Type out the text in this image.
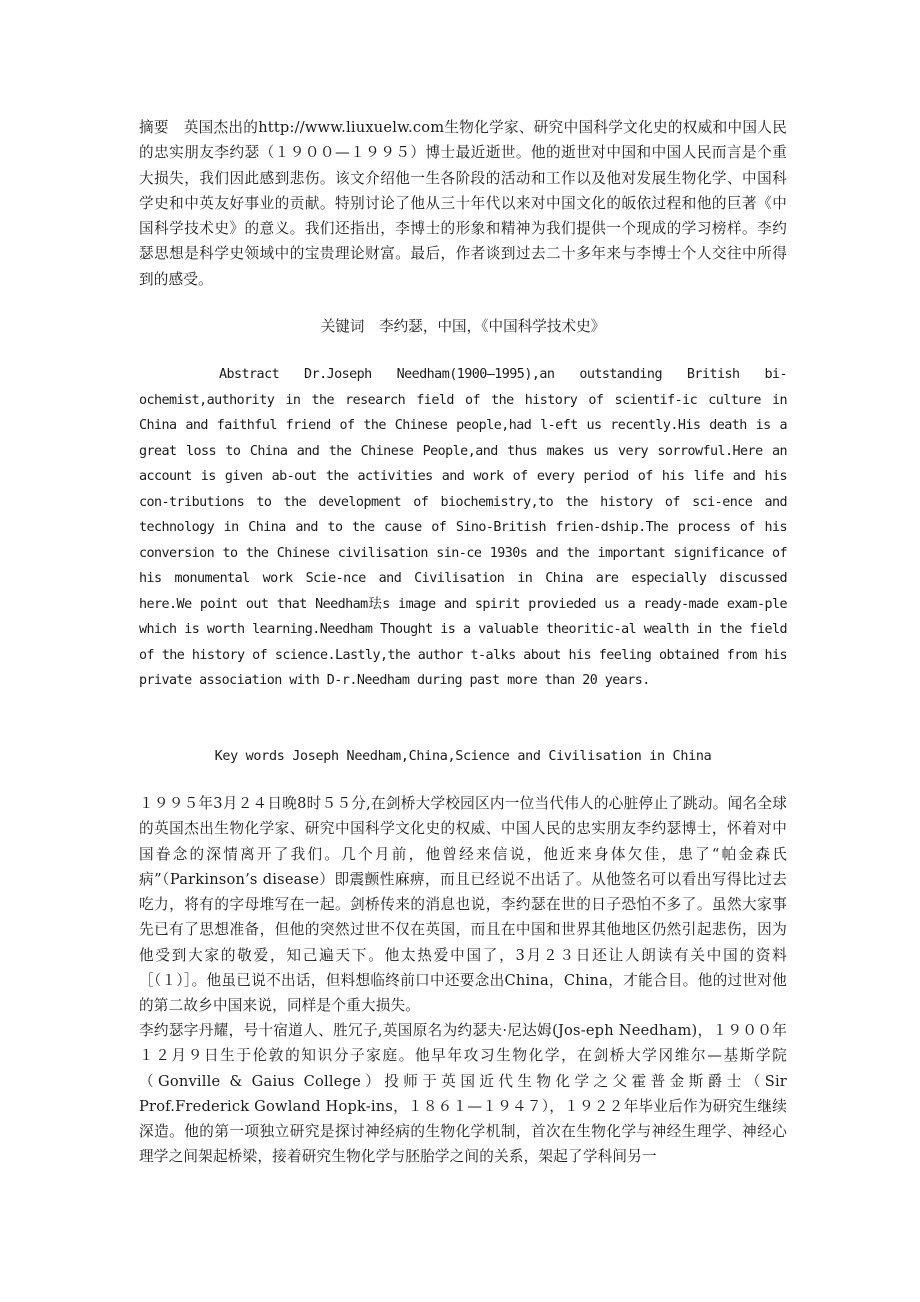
摘要　英国杰出的http://www.liuxuelw.com生物化学家、研究中国科学文化史的权威和中国人民的忠实朋友李约瑟（１９００—１９９５）博士最近逝世。他的逝世对中国和中国人民而言是个重大损失，我们因此感到悲伤。该文介绍他一生各阶段的活动和工作以及他对发展生物化学、中国科学史和中英友好事业的贡献。特别讨论了他从三十年代以来对中国文化的皈依过程和他的巨著《中国科学技术史》的意义。我们还指出，李博士的形象和精神为我们提供一个现成的学习榜样。李约瑟思想是科学史领域中的宝贵理论财富。最后，作者谈到过去二十多年来与李博士个人交往中所得到的感受。

关键词　李约瑟，中国，《中国科学技术史》

Abstract Dr.Joseph Needham(1900—1995),an outstanding British bi-ochemist,authority in the research field of the history of scientif-ic culture in China and faithful friend of the Chinese people,had l-eft us recently.His death is a great loss to China and the Chinese People,and thus makes us very sorrowful.Here an account is given ab-out the activities and work of every period of his life and his con-tributions to the development of biochemistry,to the history of sci-ence and technology in China and to the cause of Sino-British frien-dship.The process of his conversion to the Chinese civilisation sin-ce 1930s and the important significance of his monumental work Scie-nce and Civilisation in China are especially discussed here.We point out that Needham珐s image and spirit provieded us a ready-made exam-ple which is worth learning.Needham Thought is a valuable theoritic-al wealth in the field of the history of science.Lastly,the author t-alks about his feeling obtained from his private association with D-r.Needham during past more than 20 years.

Key words Joseph Needham,China,Science and Civilisation in China

１９９５年3月２４日晚8时５５分,在剑桥大学校园区内一位当代伟人的心脏停止了跳动。闻名全球的英国杰出生物化学家、研究中国科学文化史的权威、中国人民的忠实朋友李约瑟博士，怀着对中国眷念的深情离开了我们。几个月前，他曾经来信说，他近来身体欠佳，患了“帕金森氏病”（Parkinson’s disease）即震颤性麻痹，而且已经说不出话了。从他签名可以看出写得比过去吃力，将有的字母堆写在一起。剑桥传来的消息也说，李约瑟在世的日子恐怕不多了。虽然大家事先已有了思想准备，但他的突然过世不仅在英国，而且在中国和世界其他地区仍然引起悲伤，因为他受到大家的敬爱，知己遍天下。他太热爱中国了，3月２３日还让人朗读有关中国的资料［（１）］。他虽已说不出话，但料想临终前口中还要念出China，China，才能合目。他的过世对他的第二故乡中国来说，同样是个重大损失。

李约瑟字丹耀，号十宿道人、胜冗子,英国原名为约瑟夫·尼达姆(Jos-eph Needham)，１９００年１２月９日生于伦敦的知识分子家庭。他早年攻习生物化学，在剑桥大学冈维尔—基斯学院（Gonville & Gaius College）投师于英国近代生物化学之父霍普金斯爵士（Sir Prof.Frederick Gowland Hopk-ins，１８６１—１９４７），１９２２年毕业后作为研究生继续深造。他的第一项独立研究是探讨神经病的生物化学机制，首次在生物化学与神经生理学、神经心理学之间架起桥梁，接着研究生物化学与胚胎学之间的关系，架起了学科间另一
